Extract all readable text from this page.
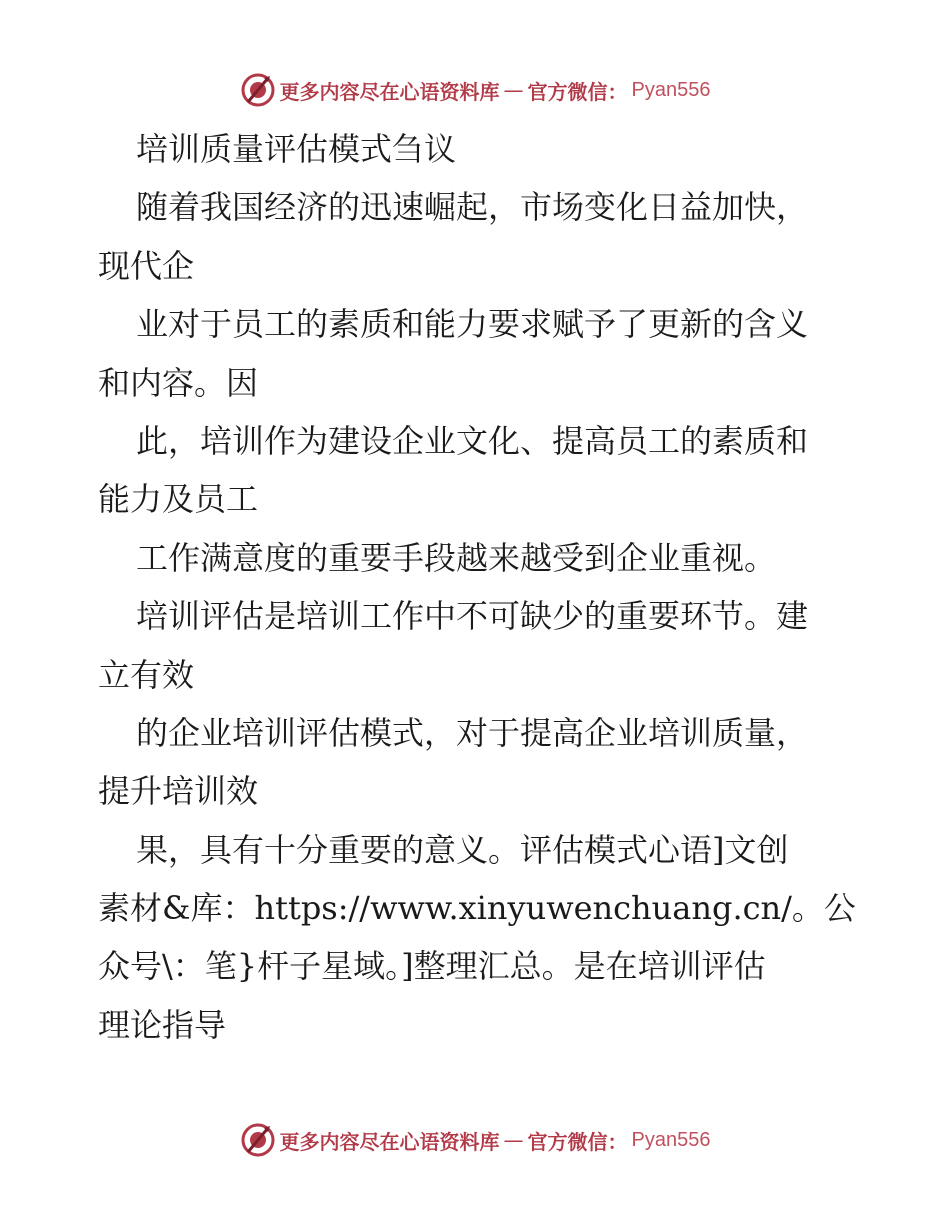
更多内容尽在心语资料库 — 官方微信： Pyan556
培训质量评估模式刍议
随着我国经济的迅速崛起，市场变化日益加快，
现代企
业对于员工的素质和能力要求赋予了更新的含义
和内容。因
此，培训作为建设企业文化、提高员工的素质和
能力及员工
工作满意度的重要手段越来越受到企业重视。
培训评估是培训工作中不可缺少的重要环节。建
立有效
的企业培训评估模式，对于提高企业培训质量，
提升培训效
果，具有十分重要的意义。评估模式心语]文创
素材&库：https://www.xinyuwenchuang.cn/。公
众号\：笔}杆子星域。]整理汇总。是在培训评估
理论指导
更多内容尽在心语资料库 — 官方微信： Pyan556
